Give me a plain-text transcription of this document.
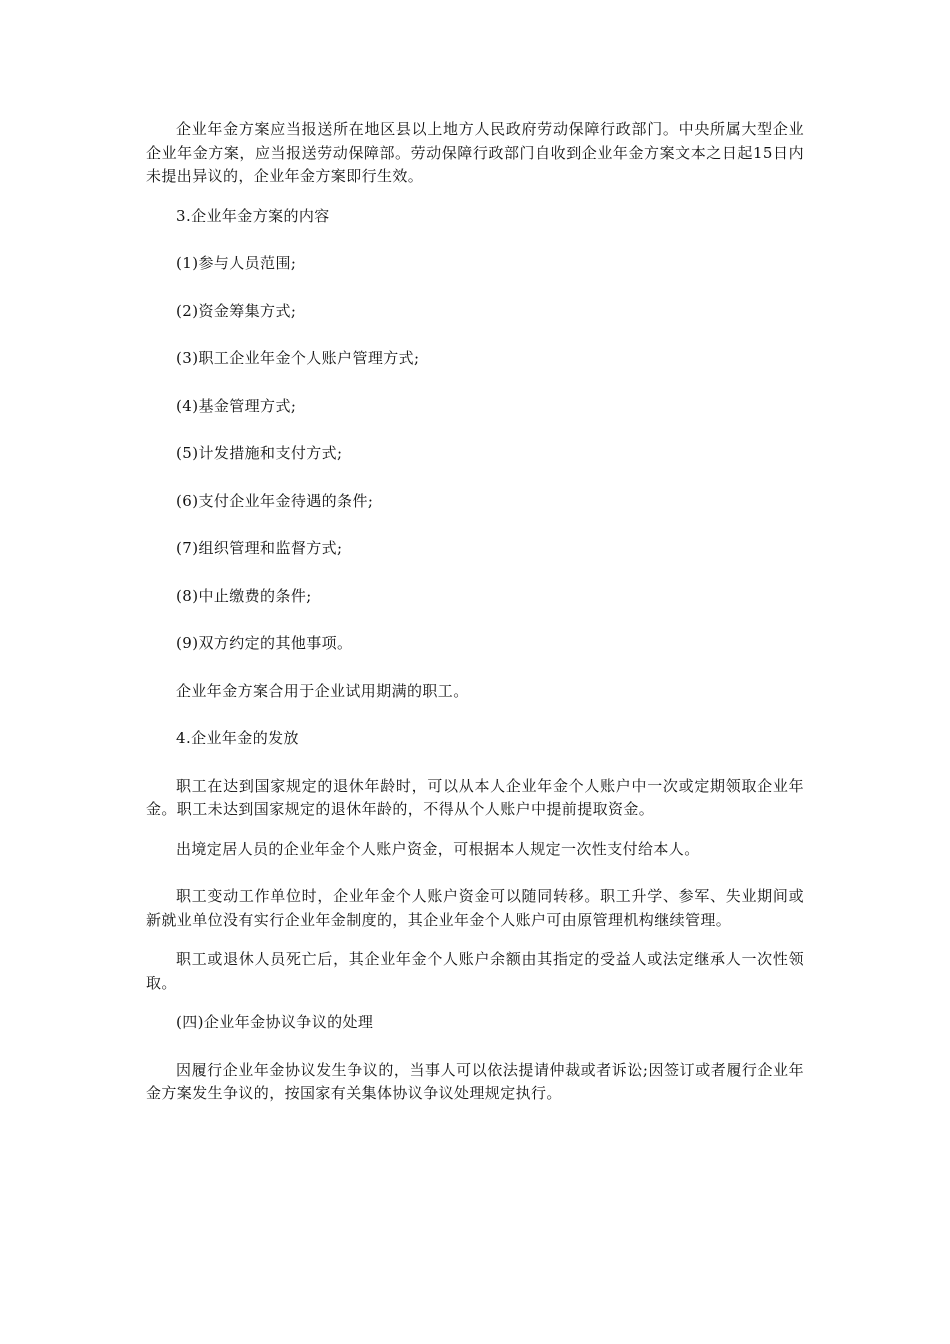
企业年金方案应当报送所在地区县以上地方人民政府劳动保障行政部门。中央所属大型企业企业年金方案，应当报送劳动保障部。劳动保障行政部门自收到企业年金方案文本之日起15日内未提出异议的，企业年金方案即行生效。

3.企业年金方案的内容

(1)参与人员范围;

(2)资金筹集方式;

(3)职工企业年金个人账户管理方式;

(4)基金管理方式;

(5)计发措施和支付方式;

(6)支付企业年金待遇的条件;

(7)组织管理和监督方式;

(8)中止缴费的条件;

(9)双方约定的其他事项。

企业年金方案合用于企业试用期满的职工。

4.企业年金的发放

职工在达到国家规定的退休年龄时，可以从本人企业年金个人账户中一次或定期领取企业年金。职工未达到国家规定的退休年龄的，不得从个人账户中提前提取资金。

出境定居人员的企业年金个人账户资金，可根据本人规定一次性支付给本人。

职工变动工作单位时，企业年金个人账户资金可以随同转移。职工升学、参军、失业期间或新就业单位没有实行企业年金制度的，其企业年金个人账户可由原管理机构继续管理。

职工或退休人员死亡后，其企业年金个人账户余额由其指定的受益人或法定继承人一次性领取。

(四)企业年金协议争议的处理

因履行企业年金协议发生争议的，当事人可以依法提请仲裁或者诉讼;因签订或者履行企业年金方案发生争议的，按国家有关集体协议争议处理规定执行。
